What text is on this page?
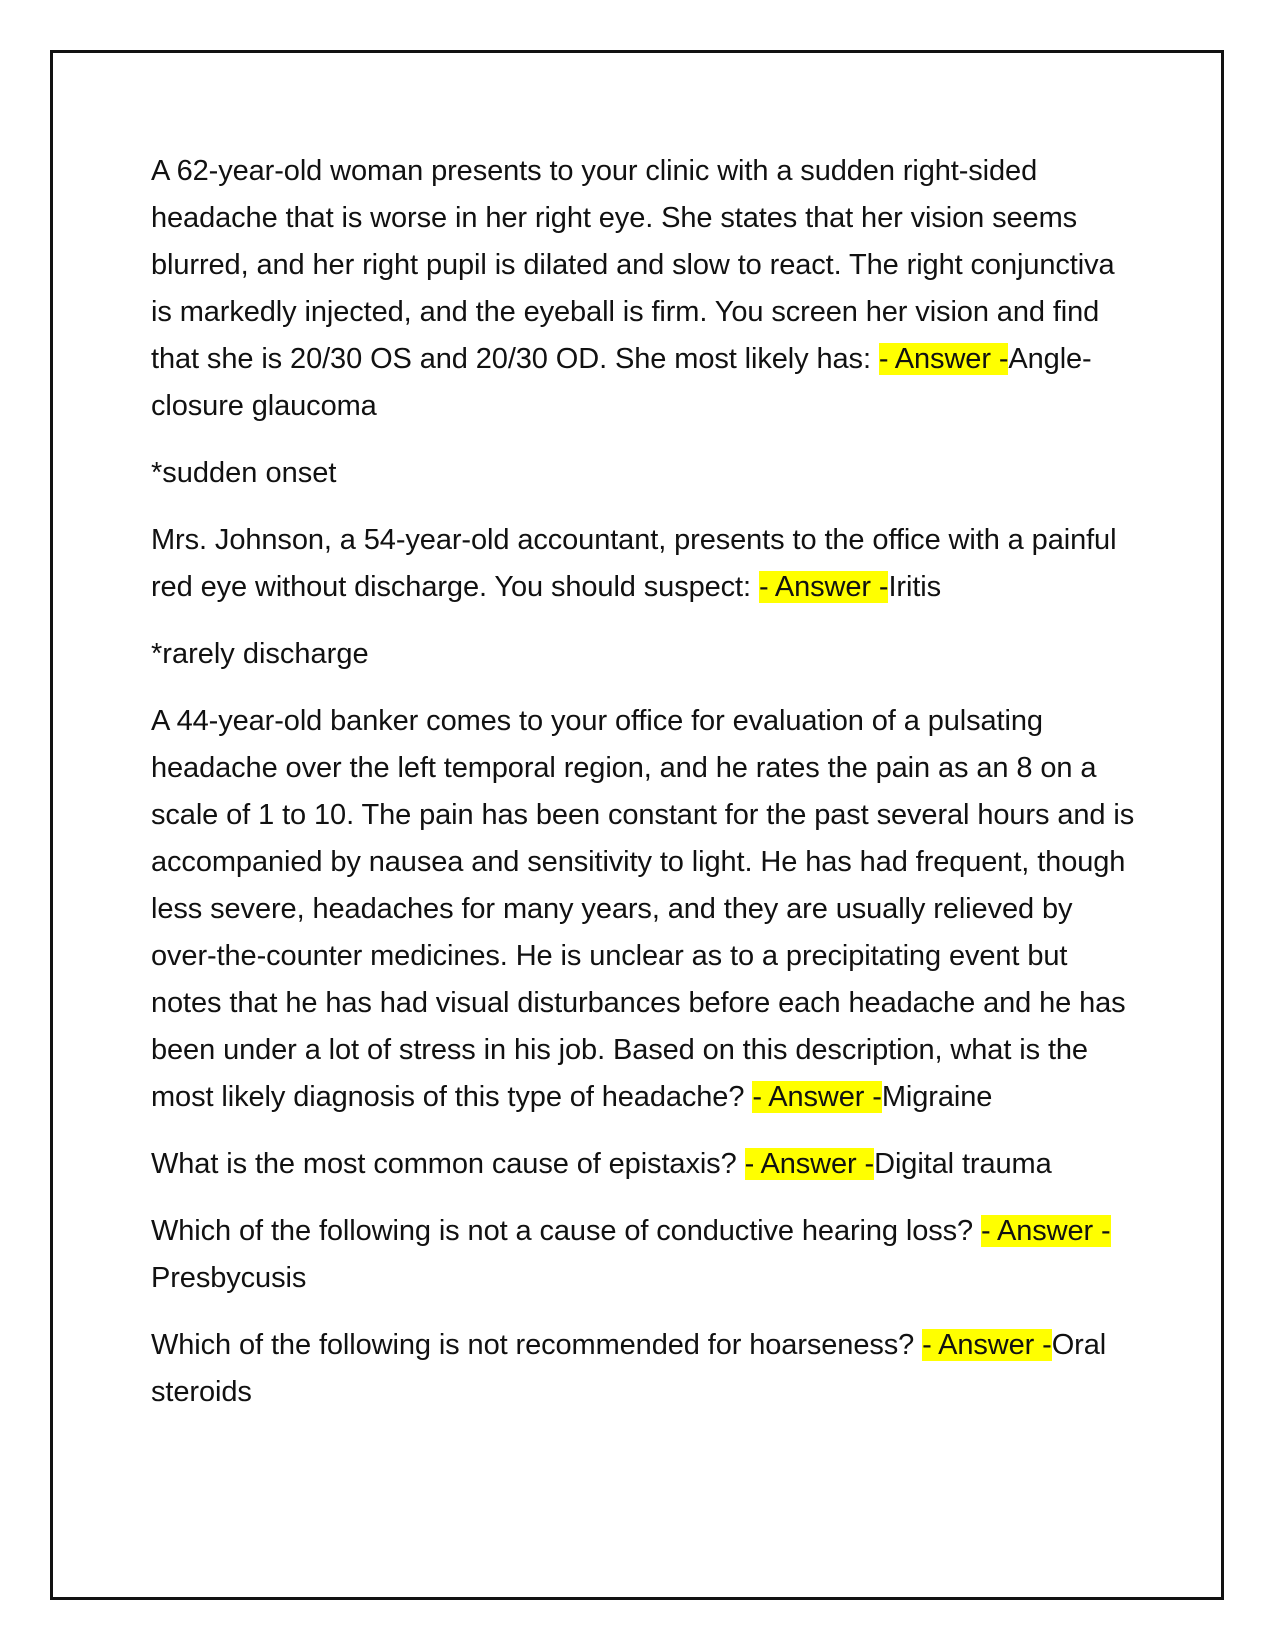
A 62-year-old woman presents to your clinic with a sudden right-sided headache that is worse in her right eye. She states that her vision seems blurred, and her right pupil is dilated and slow to react. The right conjunctiva is markedly injected, and the eyeball is firm. You screen her vision and find that she is 20/30 OS and 20/30 OD. She most likely has: - Answer -Angle-closure glaucoma

*sudden onset

Mrs. Johnson, a 54-year-old accountant, presents to the office with a painful red eye without discharge. You should suspect: - Answer -Iritis

*rarely discharge

A 44-year-old banker comes to your office for evaluation of a pulsating headache over the left temporal region, and he rates the pain as an 8 on a scale of 1 to 10. The pain has been constant for the past several hours and is accompanied by nausea and sensitivity to light. He has had frequent, though less severe, headaches for many years, and they are usually relieved by over-the-counter medicines. He is unclear as to a precipitating event but notes that he has had visual disturbances before each headache and he has been under a lot of stress in his job. Based on this description, what is the most likely diagnosis of this type of headache? - Answer -Migraine

What is the most common cause of epistaxis? - Answer -Digital trauma

Which of the following is not a cause of conductive hearing loss? - Answer -Presbycusis

Which of the following is not recommended for hoarseness? - Answer -Oral steroids
